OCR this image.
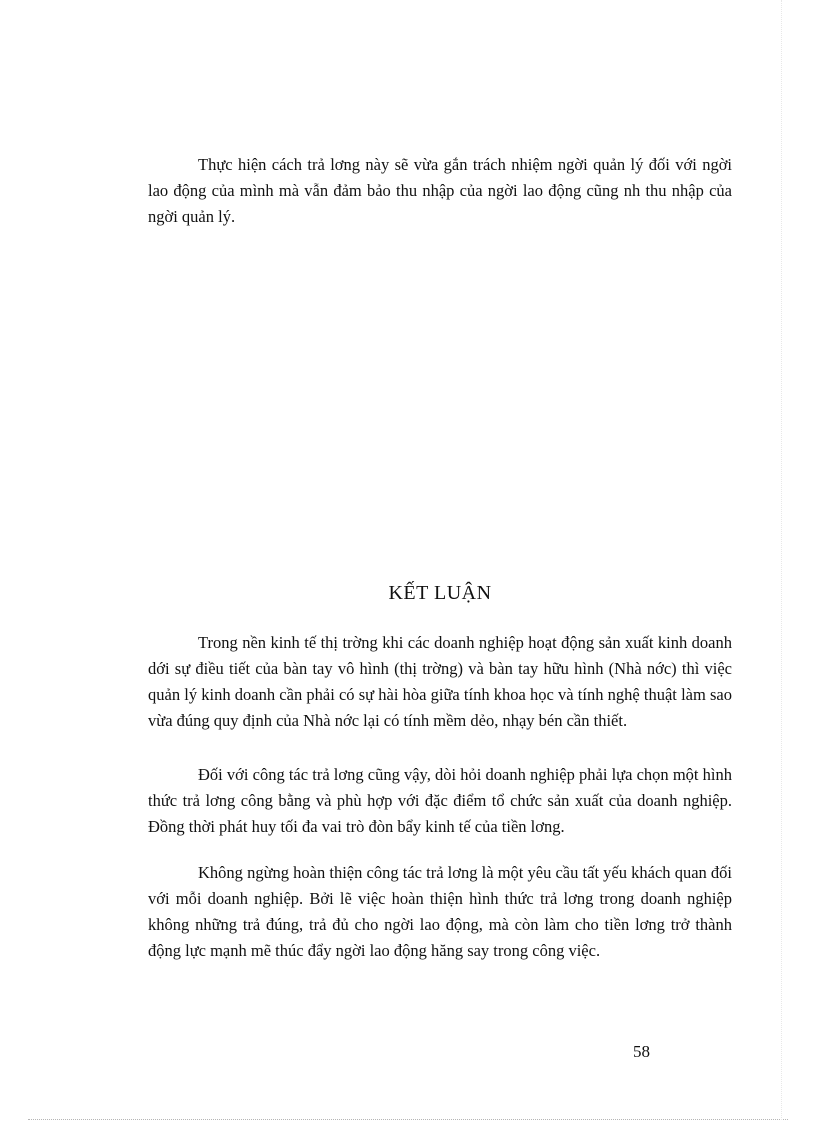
Thực hiện cách trả lơng này sẽ vừa gắn trách nhiệm ngời quản lý đối với ngời lao động của mình mà vẫn đảm bảo thu nhập của ngời lao động cũng nh thu nhập của ngời quản lý.

KẾT LUẬN

Trong nền kinh tế thị trờng khi các doanh nghiệp hoạt động sản xuất kinh doanh dới sự điều tiết của bàn tay vô hình (thị trờng) và bàn tay hữu hình (Nhà nớc) thì việc quản lý kinh doanh cần phải có sự hài hòa giữa tính khoa học và tính nghệ thuật làm sao vừa đúng quy định của Nhà nớc lại có tính mềm dẻo, nhạy bén cần thiết.

Đối với công tác trả lơng cũng vậy, dòi hỏi doanh nghiệp phải lựa chọn một hình thức trả lơng công bằng và phù hợp với đặc điểm tổ chức sản xuất của doanh nghiệp. Đồng thời phát huy tối đa vai trò đòn bẩy kinh tế của tiền lơng.

Không ngừng hoàn thiện công tác trả lơng là một yêu cầu tất yếu khách quan đối với mỗi doanh nghiệp. Bởi lẽ việc hoàn thiện hình thức trả lơng trong doanh nghiệp không những trả đúng, trả đủ cho ngời lao động, mà còn làm cho tiền lơng trở thành động lực mạnh mẽ thúc đẩy ngời lao động hăng say trong công việc.

58
